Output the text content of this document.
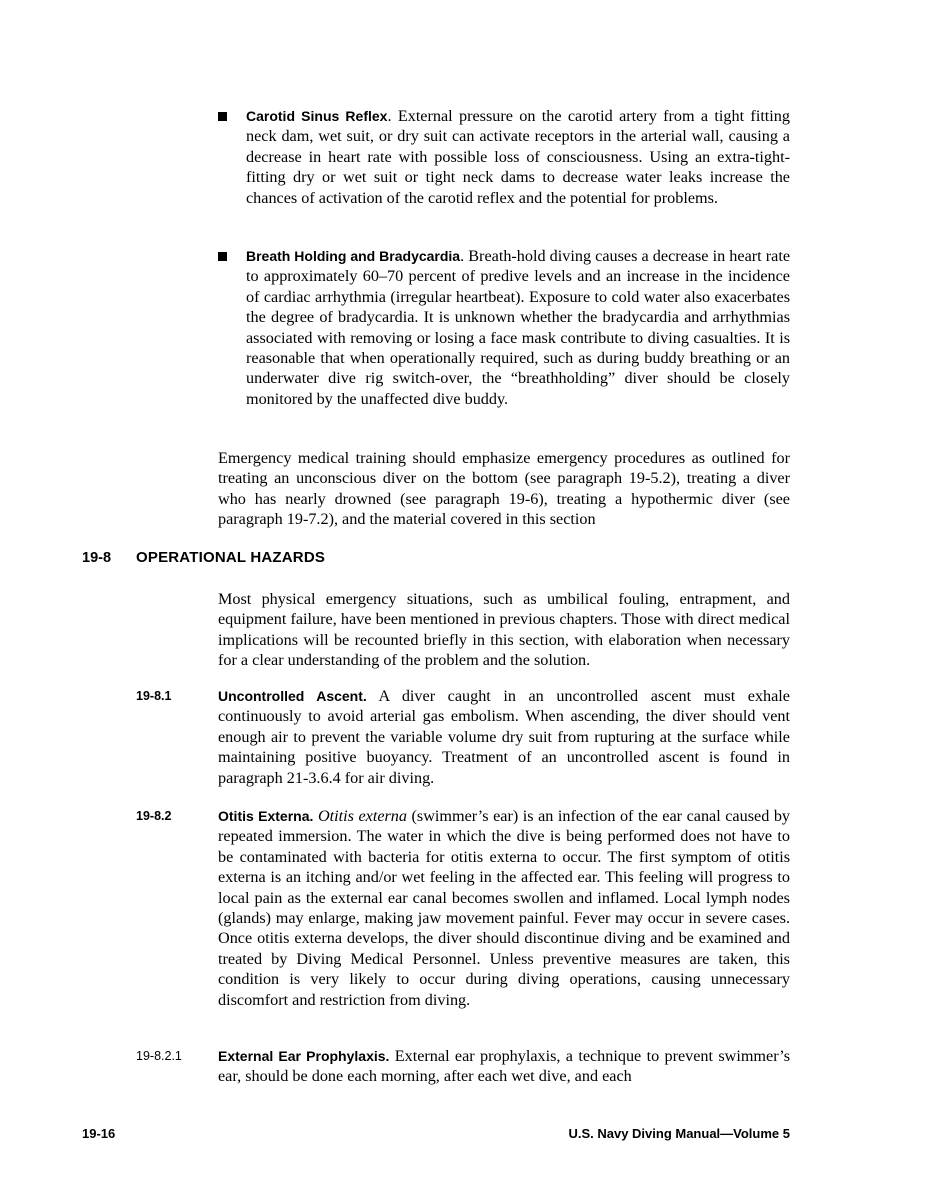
Carotid Sinus Reflex. External pressure on the carotid artery from a tight fitting neck dam, wet suit, or dry suit can activate receptors in the arterial wall, causing a decrease in heart rate with possible loss of consciousness. Using an extra-tight-fitting dry or wet suit or tight neck dams to decrease water leaks increase the chances of activation of the carotid reflex and the potential for problems.
Breath Holding and Bradycardia. Breath-hold diving causes a decrease in heart rate to approximately 60–70 percent of predive levels and an increase in the incidence of cardiac arrhythmia (irregular heartbeat). Exposure to cold water also exacerbates the degree of bradycardia. It is unknown whether the bradycardia and arrhythmias associated with removing or losing a face mask contribute to diving casualties. It is reasonable that when operationally required, such as during buddy breathing or an underwater dive rig switch-over, the “breathholding” diver should be closely monitored by the unaffected dive buddy.
Emergency medical training should emphasize emergency procedures as outlined for treating an unconscious diver on the bottom (see paragraph 19-5.2), treating a diver who has nearly drowned (see paragraph 19-6), treating a hypothermic diver (see paragraph 19-7.2), and the material covered in this section
19-8 OPERATIONAL HAZARDS
Most physical emergency situations, such as umbilical fouling, entrapment, and equipment failure, have been mentioned in previous chapters. Those with direct medical implications will be recounted briefly in this section, with elaboration when necessary for a clear understanding of the problem and the solution.
19-8.1	Uncontrolled Ascent. A diver caught in an uncontrolled ascent must exhale continuously to avoid arterial gas embolism. When ascending, the diver should vent enough air to prevent the variable volume dry suit from rupturing at the surface while maintaining positive buoyancy. Treatment of an uncontrolled ascent is found in paragraph 21-3.6.4 for air diving.
19-8.2	Otitis Externa. Otitis externa (swimmer’s ear) is an infection of the ear canal caused by repeated immersion. The water in which the dive is being performed does not have to be contaminated with bacteria for otitis externa to occur. The first symptom of otitis externa is an itching and/or wet feeling in the affected ear. This feeling will progress to local pain as the external ear canal becomes swollen and inflamed. Local lymph nodes (glands) may enlarge, making jaw movement painful. Fever may occur in severe cases. Once otitis externa develops, the diver should discontinue diving and be examined and treated by Diving Medical Personnel. Unless preventive measures are taken, this condition is very likely to occur during diving operations, causing unnecessary discomfort and restriction from diving.
19-8.2.1	External Ear Prophylaxis. External ear prophylaxis, a technique to prevent swimmer’s ear, should be done each morning, after each wet dive, and each
19-16	U.S. Navy Diving Manual—Volume 5
